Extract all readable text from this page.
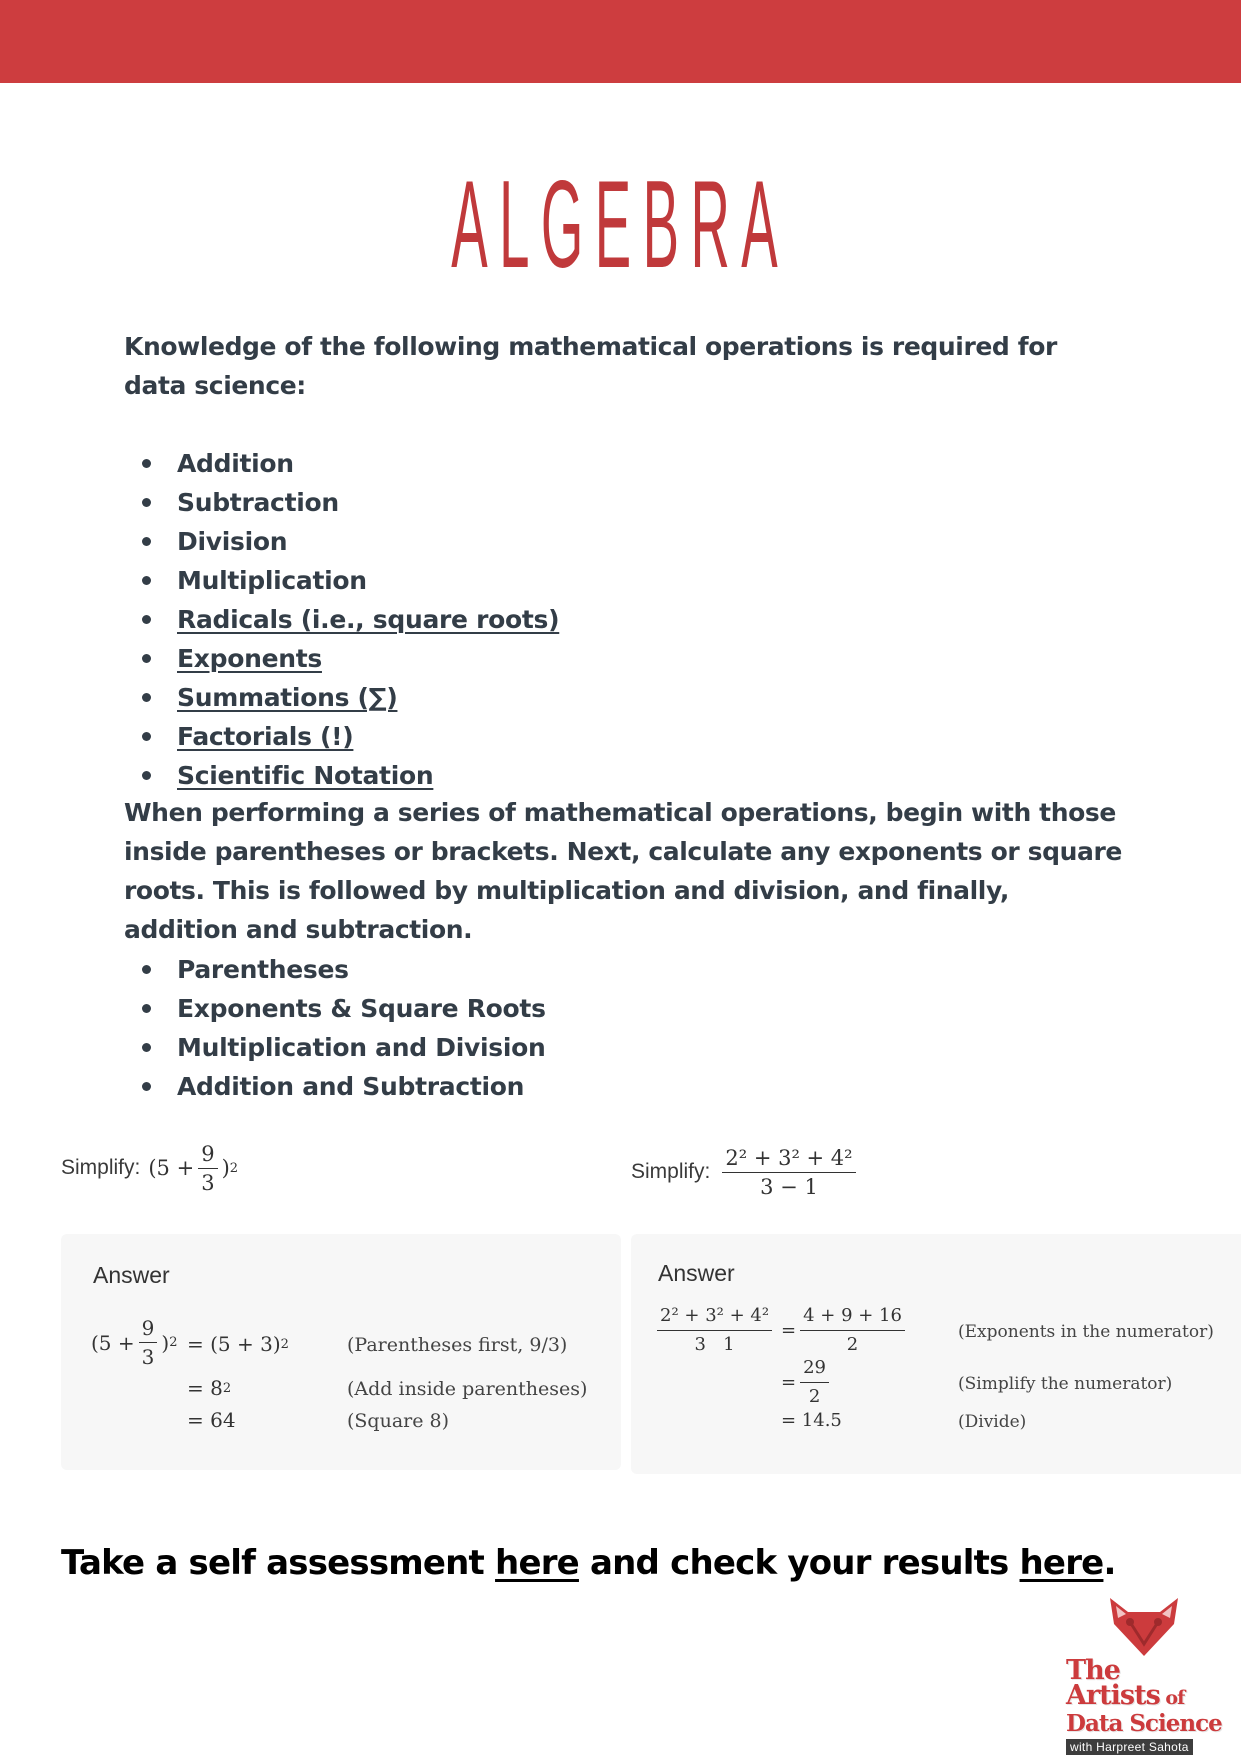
ALGEBRA

Knowledge of the following mathematical operations is required for data science:

Addition
Subtraction
Division
Multiplication
Radicals (i.e., square roots)
Exponents
Summations (∑)
Factorials (!)
Scientific Notation

When performing a series of mathematical operations, begin with those inside parentheses or brackets. Next, calculate any exponents or square roots. This is followed by multiplication and division, and finally, addition and subtraction.

Parentheses
Exponents & Square Roots
Multiplication and Division
Addition and Subtraction
Simplify: ($5 + \frac{9}{3}$ ) 2	Simplify: $\frac{\text{2² + 3² + 4²}}{3 - 1}$
Answer
($5 + \frac{9}{3}$ ) 2 = (5 + 3) 2	(Parentheses first, 9/3)
= 8 2	(Add inside parentheses)
= 64	(Square 8)
Answer
$\frac{\text{2² + 3² + 4²}}{3 1} = \frac{4 + 9 + 16}{2}$	(Exponents in the numerator)
= $\frac{29}{2}$	(Simplify the numerator)
= 14.5	(Divide)
Take a self assessment here and check your results here.
The
Artists of
Data Science
with Harpreet Sahota
